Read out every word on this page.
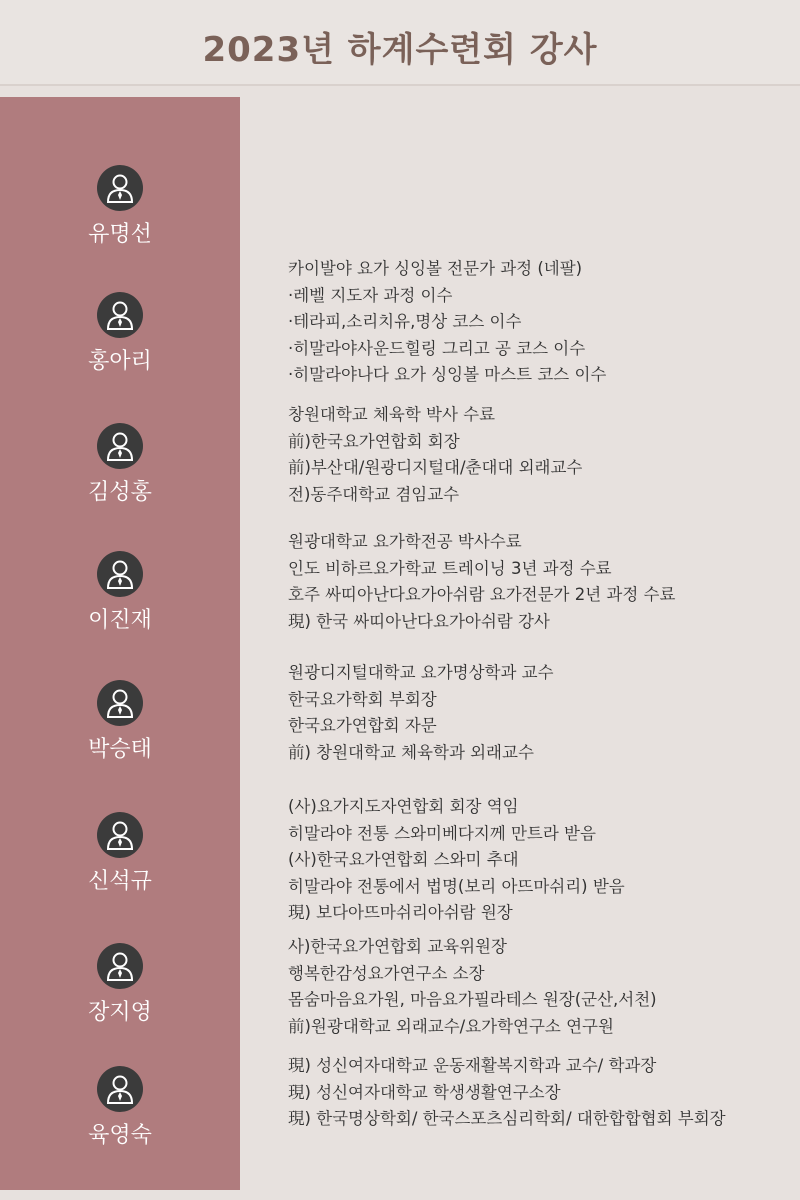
2023년 하계수련회 강사
유명선
홍아리
김성홍
이진재
박승태
신석규
장지영
육영숙
카이발야 요가 싱잉볼 전문가 과정 (네팔)
·레벨 지도자 과정 이수
·테라피,소리치유,명상 코스 이수
·히말라야사운드힐링 그리고 공 코스 이수
·히말라야나다 요가 싱잉볼 마스트 코스 이수
창원대학교 체육학 박사 수료
前)한국요가연합회 회장
前)부산대/원광디지털대/춘대대 외래교수
전)동주대학교 겸임교수
원광대학교 요가학전공 박사수료
인도 비하르요가학교 트레이닝 3년 과정 수료
호주 싸띠아난다요가아쉬람 요가전문가 2년 과정 수료
現) 한국 싸띠아난다요가아쉬람 강사
원광디지털대학교 요가명상학과 교수
한국요가학회 부회장
한국요가연합회 자문
前) 창원대학교 체육학과 외래교수
(사)요가지도자연합회 회장 역임
히말라야 전통 스와미베다지께 만트라 받음
(사)한국요가연합회 스와미 추대
히말라야 전통에서 법명(보리 아뜨마쉬리) 받음
現) 보다아뜨마쉬리아쉬람 원장
사)한국요가연합회 교육위원장
행복한감성요가연구소 소장
몸숨마음요가원, 마음요가필라테스 원장(군산,서천)
前)원광대학교 외래교수/요가학연구소 연구원
現) 성신여자대학교 운동재활복지학과 교수/ 학과장
現) 성신여자대학교 학생생활연구소장
現) 한국명상학회/ 한국스포츠심리학회/ 대한합합협회 부회장
